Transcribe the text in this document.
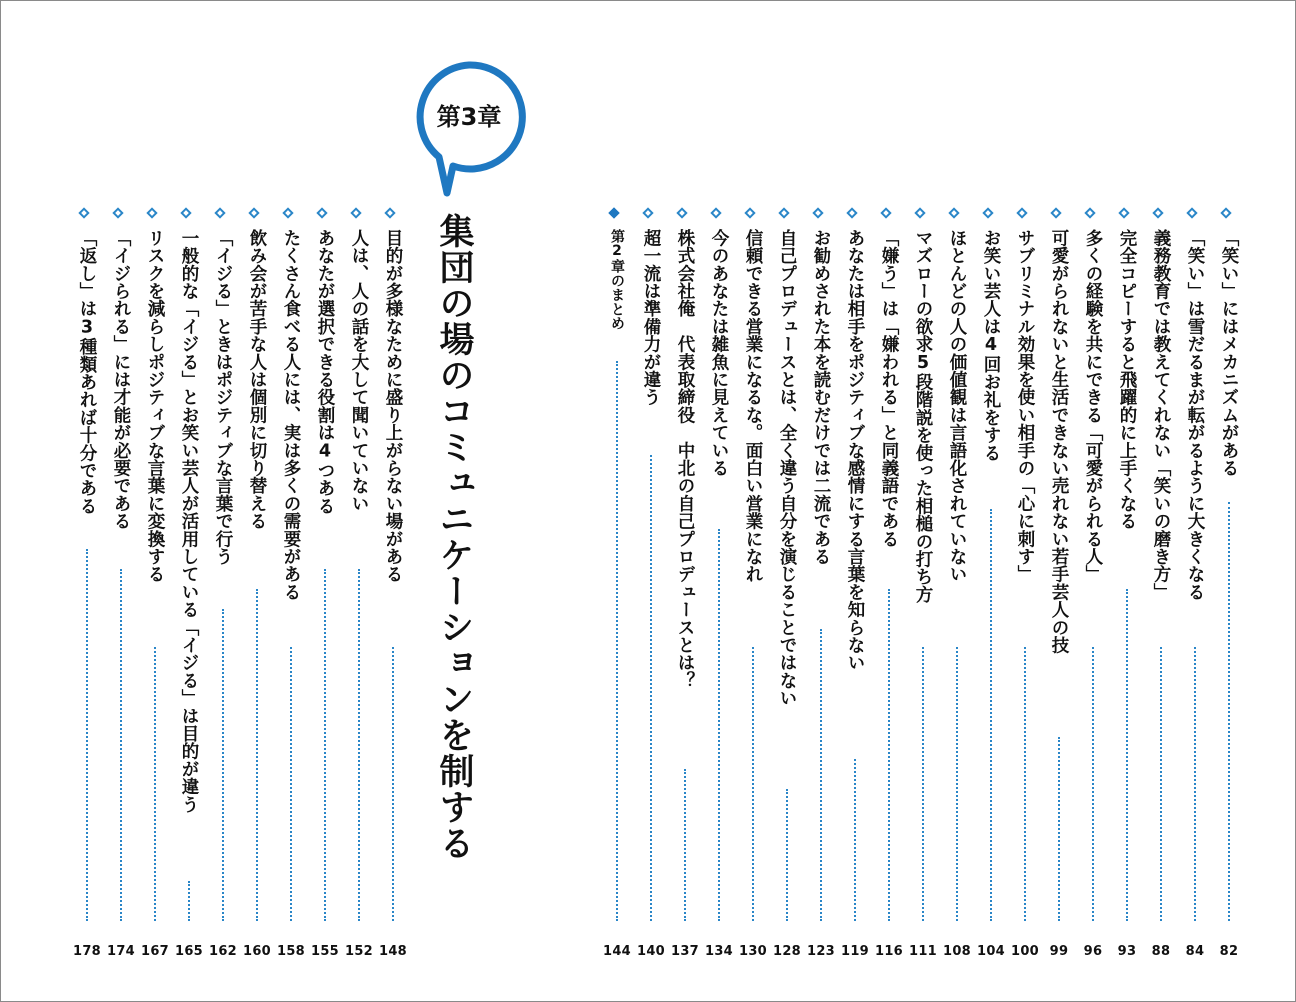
「笑い」にはメカニズムがある
82
「笑い」は雪だるまが転がるように大きくなる
84
義務教育では教えてくれない「笑いの磨き方」
88
完全コピーすると飛躍的に上手くなる
93
多くの経験を共にできる「可愛がられる人」
96
可愛がられないと生活できない売れない若手芸人の技
99
サブリミナル効果を使い相手の「心に刺す」
100
お笑い芸人は4回お礼をする
104
ほとんどの人の価値観は言語化されていない
108
マズローの欲求5段階説を使った相槌の打ち方
111
「嫌う」は「嫌われる」と同義語である
116
あなたは相手をポジティブな感情にする言葉を知らない
119
お勧めされた本を読むだけでは二流である
123
自己プロデュースとは、全く違う自分を演じることではない
128
信頼できる営業になるな。面白い営業になれ
130
今のあなたは雑魚に見えている
134
株式会社俺　代表取締役　中北の自己プロデュースとは？
137
超一流は準備力が違う
140
第2章のまとめ
144
第3章
集団の場のコミュニケーションを制する
目的が多様なために盛り上がらない場がある
148
人は、人の話を大して聞いていない
152
あなたが選択できる役割は4つある
155
たくさん食べる人には、実は多くの需要がある
158
飲み会が苦手な人は個別に切り替える
160
「イジる」ときはポジティブな言葉で行う
162
一般的な「イジる」とお笑い芸人が活用している「イジる」は目的が違う
165
リスクを減らしポジティブな言葉に変換する
167
「イジられる」には才能が必要である
174
「返し」は3種類あれば十分である
178
